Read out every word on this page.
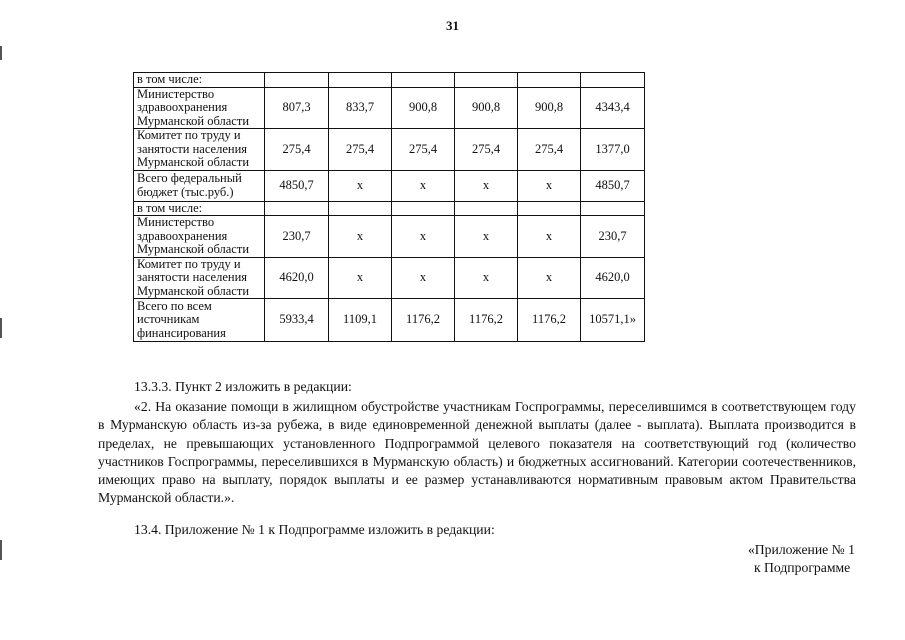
31
в том числе:						
Министерство здравоохранения Мурманской области	807,3	833,7	900,8	900,8	900,8	4343,4
Комитет по труду и занятости населения Мурманской области	275,4	275,4	275,4	275,4	275,4	1377,0
Всего федеральный бюджет (тыс.руб.)	4850,7	х	х	х	х	4850,7
в том числе:						
Министерство здравоохранения Мурманской области	230,7	х	х	х	х	230,7
Комитет по труду и занятости населения Мурманской области	4620,0	х	х	х	х	4620,0
Всего по всем источникам финансирования	5933,4	1109,1	1176,2	1176,2	1176,2	10571,1»
13.3.3. Пункт 2 изложить в редакции:
«2. На оказание помощи в жилищном обустройстве участникам Госпрограммы, переселившимся в соответствующем году в Мурманскую область из-за рубежа, в виде единовременной денежной выплаты (далее - выплата). Выплата производится в пределах, не превышающих установленного Подпрограммой целевого показателя на соответствующий год (количество участников Госпрограммы, переселившихся в Мурманскую область) и бюджетных ассигнований. Категории соотечественников, имеющих право на выплату, порядок выплаты и ее размер устанавливаются нормативным правовым актом Правительства Мурманской области.».
13.4. Приложение № 1 к Подпрограмме изложить в редакции:
«Приложение № 1
к Подпрограмме
